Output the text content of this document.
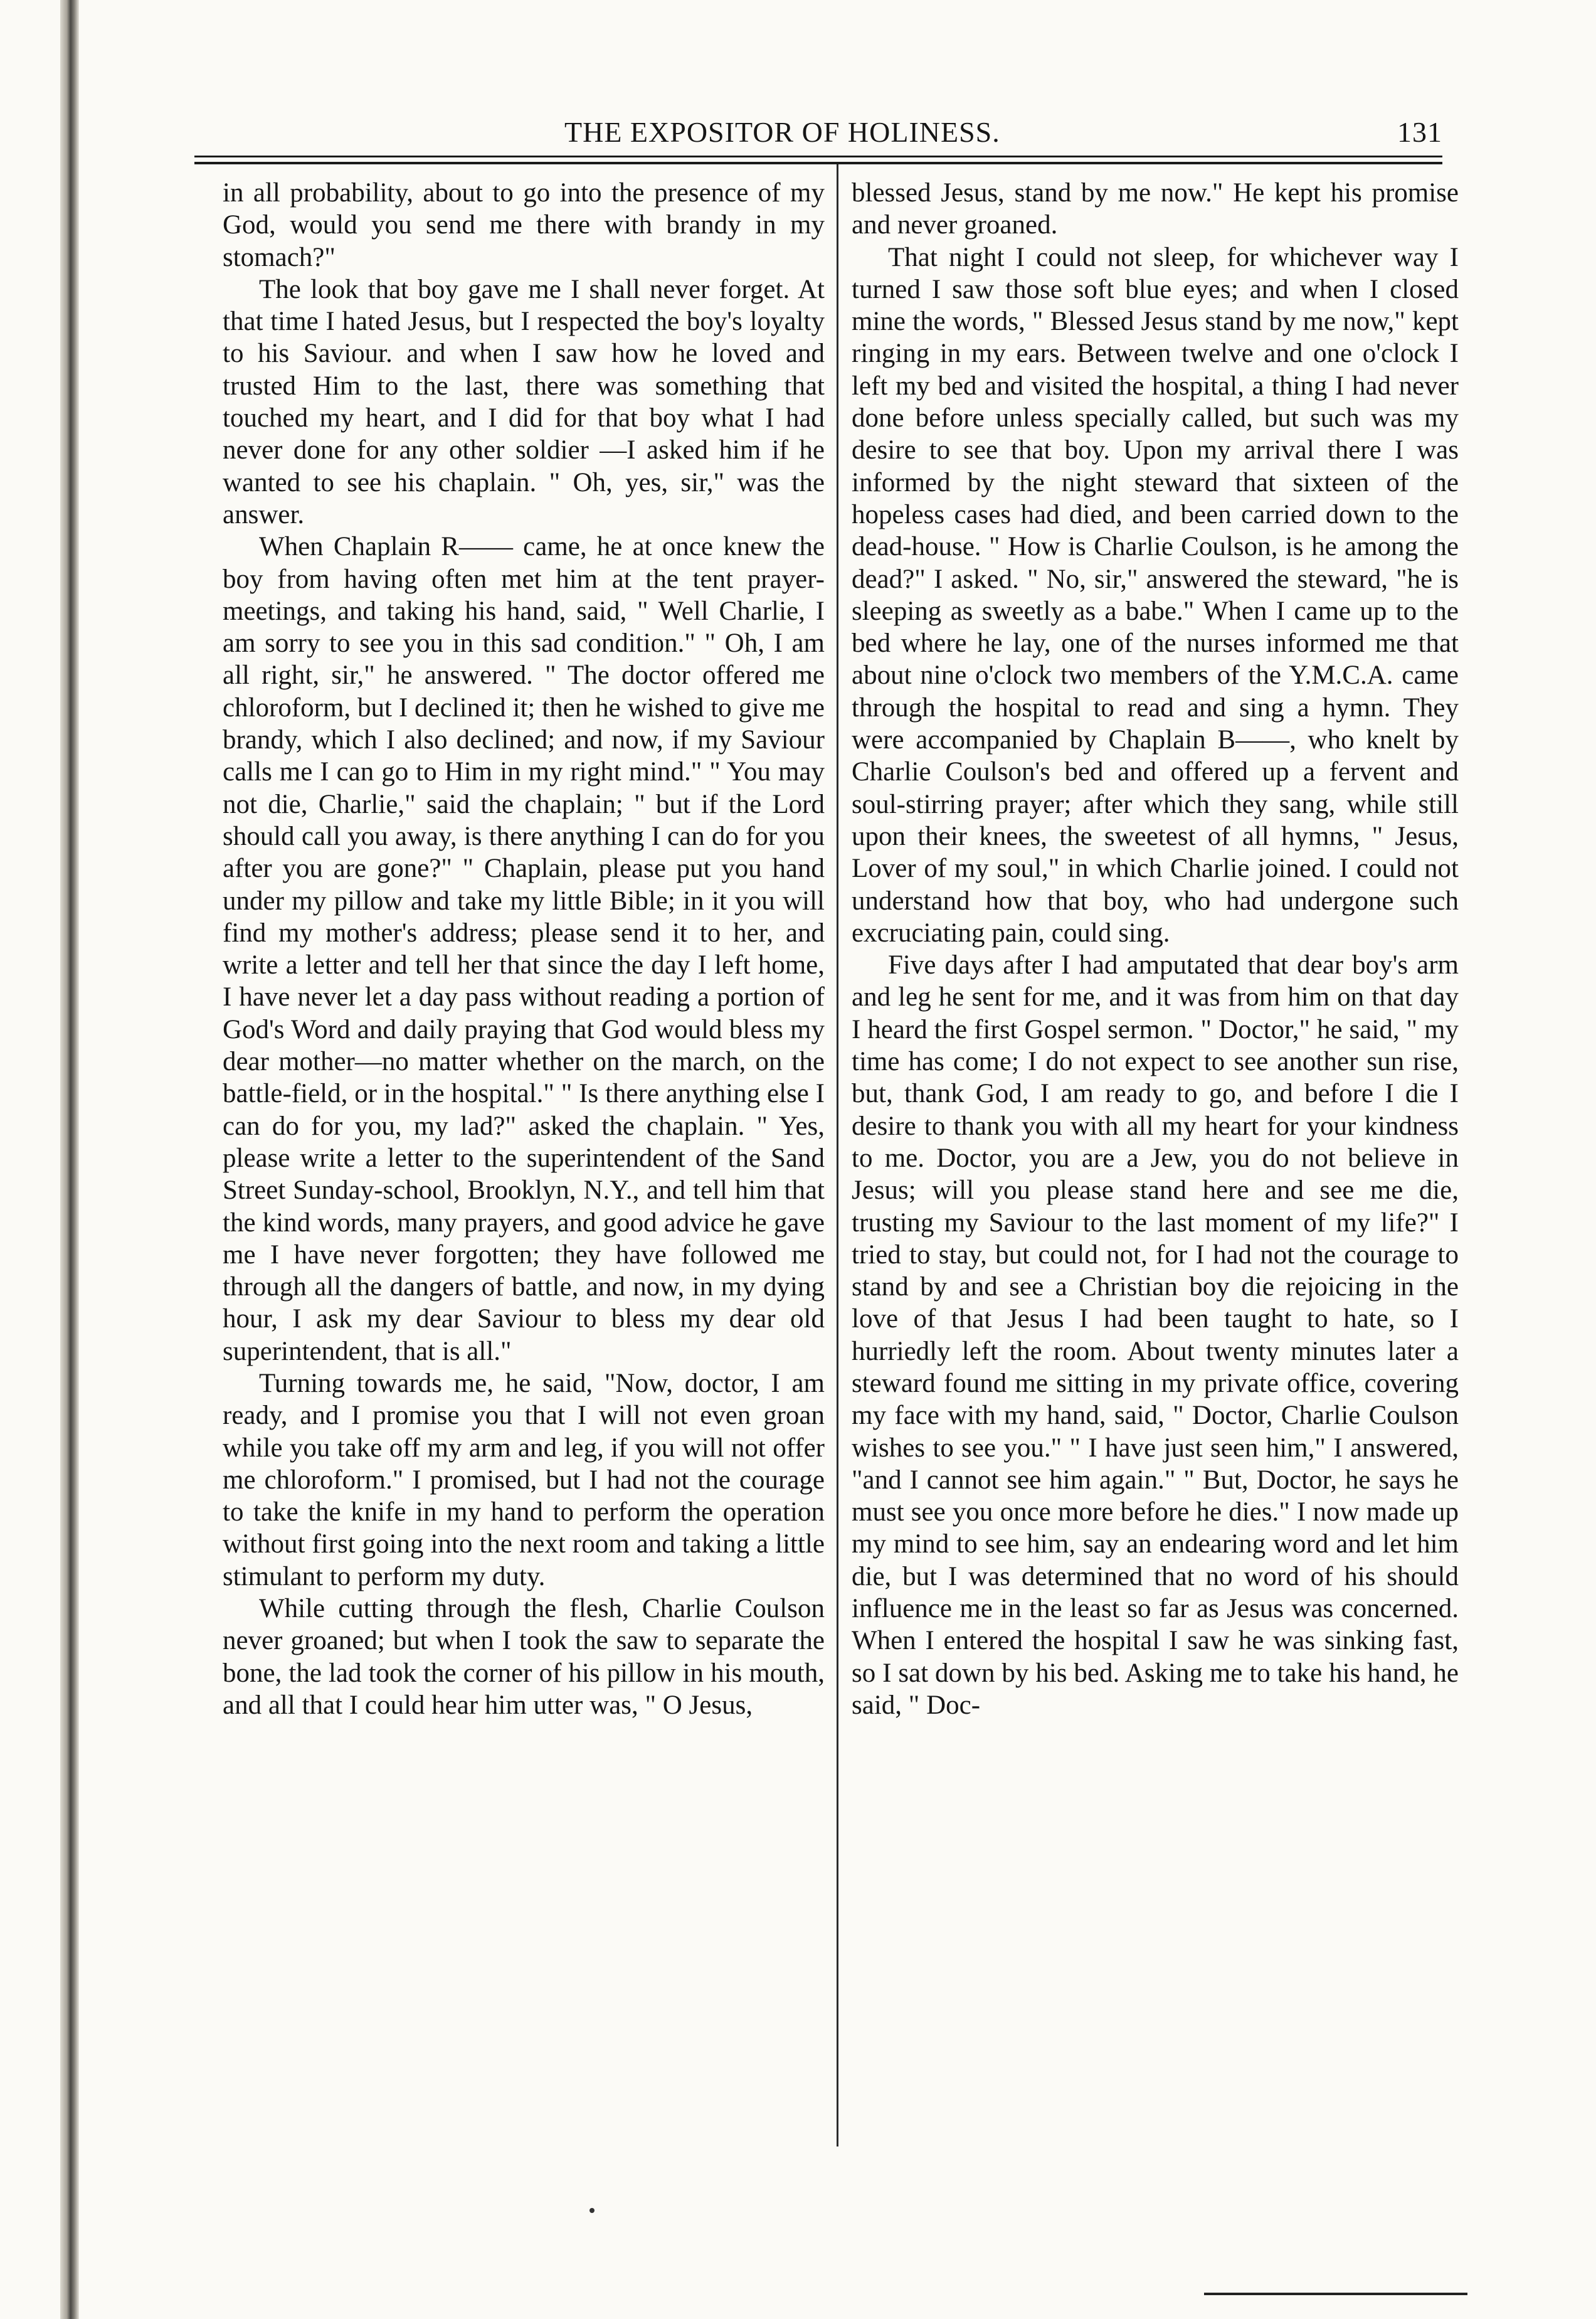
THE EXPOSITOR OF HOLINESS.	131

in all probability, about to go into the presence of my God, would you send me there with brandy in my stomach?"

The look that boy gave me I shall never forget. At that time I hated Jesus, but I respected the boy's loyalty to his Saviour. and when I saw how he loved and trusted Him to the last, there was something that touched my heart, and I did for that boy what I had never done for any other soldier —I asked him if he wanted to see his chaplain. " Oh, yes, sir," was the answer.

When Chaplain R—— came, he at once knew the boy from having often met him at the tent prayer-meetings, and taking his hand, said, " Well Charlie, I am sorry to see you in this sad condition." " Oh, I am all right, sir," he answered. " The doctor offered me chloroform, but I declined it; then he wished to give me brandy, which I also declined; and now, if my Saviour calls me I can go to Him in my right mind." " You may not die, Charlie," said the chaplain; " but if the Lord should call you away, is there anything I can do for you after you are gone?" " Chaplain, please put you hand under my pillow and take my little Bible; in it you will find my mother's address; please send it to her, and write a letter and tell her that since the day I left home, I have never let a day pass without reading a portion of God's Word and daily praying that God would bless my dear mother—no matter whether on the march, on the battle-field, or in the hospital." " Is there anything else I can do for you, my lad?" asked the chaplain. " Yes, please write a letter to the superintendent of the Sand Street Sunday-school, Brooklyn, N.Y., and tell him that the kind words, many prayers, and good advice he gave me I have never forgotten; they have followed me through all the dangers of battle, and now, in my dying hour, I ask my dear Saviour to bless my dear old superintendent, that is all."

Turning towards me, he said, "Now, doctor, I am ready, and I promise you that I will not even groan while you take off my arm and leg, if you will not offer me chloroform." I promised, but I had not the courage to take the knife in my hand to perform the operation without first going into the next room and taking a little stimulant to perform my duty.

While cutting through the flesh, Charlie Coulson never groaned; but when I took the saw to separate the bone, the lad took the corner of his pillow in his mouth, and all that I could hear him utter was, " O Jesus,

blessed Jesus, stand by me now." He kept his promise and never groaned.

That night I could not sleep, for whichever way I turned I saw those soft blue eyes; and when I closed mine the words, " Blessed Jesus stand by me now," kept ringing in my ears. Between twelve and one o'clock I left my bed and visited the hospital, a thing I had never done before unless specially called, but such was my desire to see that boy. Upon my arrival there I was informed by the night steward that sixteen of the hopeless cases had died, and been carried down to the dead-house. " How is Charlie Coulson, is he among the dead?" I asked. " No, sir," answered the steward, "he is sleeping as sweetly as a babe." When I came up to the bed where he lay, one of the nurses informed me that about nine o'clock two members of the Y.M.C.A. came through the hospital to read and sing a hymn. They were accompanied by Chaplain B——, who knelt by Charlie Coulson's bed and offered up a fervent and soul-stirring prayer; after which they sang, while still upon their knees, the sweetest of all hymns, " Jesus, Lover of my soul," in which Charlie joined. I could not understand how that boy, who had undergone such excruciating pain, could sing.

Five days after I had amputated that dear boy's arm and leg he sent for me, and it was from him on that day I heard the first Gospel sermon. " Doctor," he said, " my time has come; I do not expect to see another sun rise, but, thank God, I am ready to go, and before I die I desire to thank you with all my heart for your kindness to me. Doctor, you are a Jew, you do not believe in Jesus; will you please stand here and see me die, trusting my Saviour to the last moment of my life?" I tried to stay, but could not, for I had not the courage to stand by and see a Christian boy die rejoicing in the love of that Jesus I had been taught to hate, so I hurriedly left the room. About twenty minutes later a steward found me sitting in my private office, covering my face with my hand, said, " Doctor, Charlie Coulson wishes to see you." " I have just seen him," I answered, "and I cannot see him again." " But, Doctor, he says he must see you once more before he dies." I now made up my mind to see him, say an endearing word and let him die, but I was determined that no word of his should influence me in the least so far as Jesus was concerned. When I entered the hospital I saw he was sinking fast, so I sat down by his bed. Asking me to take his hand, he said, " Doc-
